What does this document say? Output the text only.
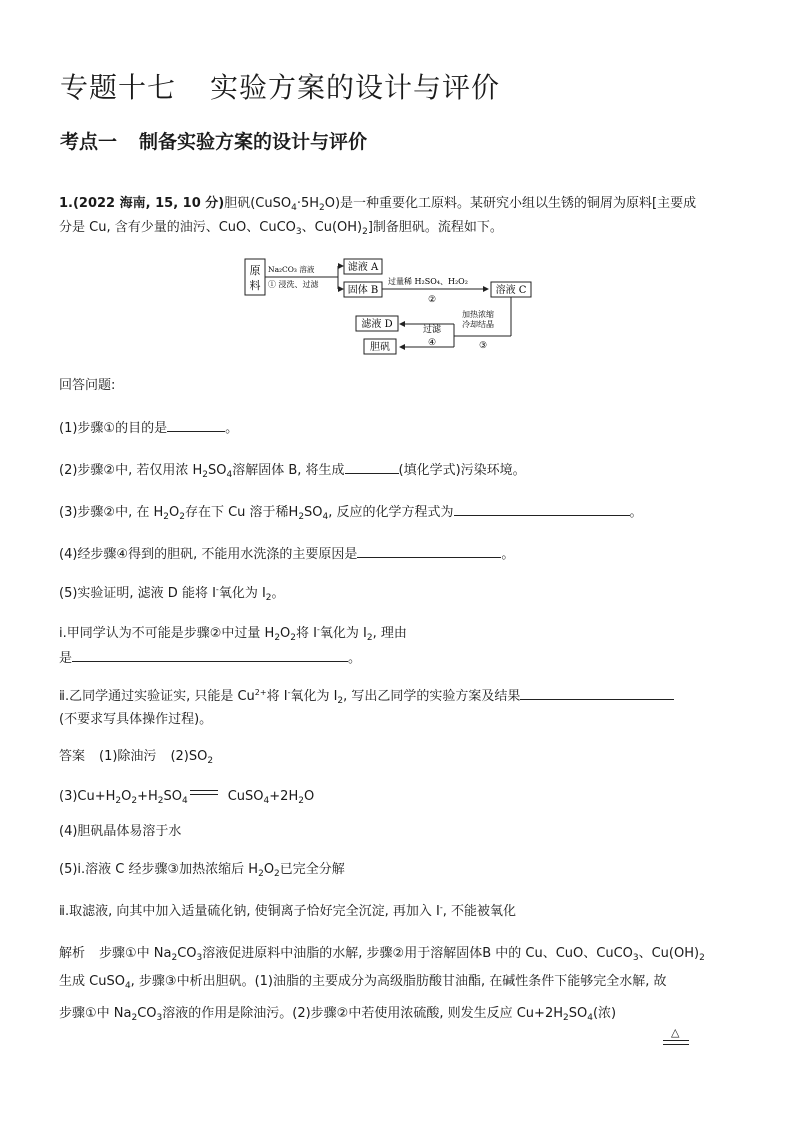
专题十七 实验方案的设计与评价
考点一 制备实验方案的设计与评价
1.(2022 海南, 15, 10 分)胆矾$(CuSO_4\cdot 5H_2O)$是一种重要化工原料。某研究小组以生锈的铜屑为原料[主要成
分是 Cu, 含有少量的油污、CuO、CuCO$_3$、$Cu(OH)_2$]制备胆矾。流程如下。
原
料
Na₂CO₃ 溶液
① 浸洗、过滤
滤液 A
固体 B
过量稀 H₂SO₄、H₂O₂
②
溶液 C
加热浓缩
冷却结晶
③
过滤
④
滤液 D
胆矾
回答问题:
(1)步骤①的目的是	。
(2)步骤②中, 若仅用浓 $H_2SO_4$溶解固体 B, 将生成	(填化学式)污染环境。
(3)步骤②中, 在 $H_2O_2$存在下 Cu 溶于稀$H_2SO_4$, 反应的化学方程式为	。
(4)经步骤④得到的胆矾, 不能用水洗涤的主要原因是	。
(5)实验证明, 滤液 D 能将 I-氧化为 $I_2$。
ⅰ.甲同学认为不可能是步骤②中过量 $H_2O_2$将 I-氧化为 $I_2$, 理由
是	。
ⅱ.乙同学通过实验证实, 只能是 $Cu^{2+}$将 I-氧化为 $I_2$, 写出乙同学的实验方案及结果
(不要求写具体操作过程)。
答案 (1)除油污 $(2)SO_2$
$(3)Cu+H_2O_2+H_2SO_4$	$CuSO_4+2H_2O$
(4)胆矾晶体易溶于水
(5)ⅰ.溶液 C 经步骤③加热浓缩后 $H_2O_2$已完全分解
ⅱ.取滤液, 向其中加入适量硫化钠, 使铜离子恰好完全沉淀, 再加入 I-, 不能被氧化
解析 步骤①中 $Na_2CO_3$溶液促进原料中油脂的水解, 步骤②用于溶解固体B 中的 Cu、CuO、CuCO$_3$、$Cu(OH)_2$
生成 CuSO$_4$, 步骤③中析出胆矾。(1)油脂的主要成分为高级脂肪酸甘油酯, 在碱性条件下能够完全水解, 故
步骤①中 $Na_2CO_3$溶液的作用是除油污。(2)步骤②中若使用浓硫酸, 则发生反应 $Cu+2H_2SO_4$(浓)
△
